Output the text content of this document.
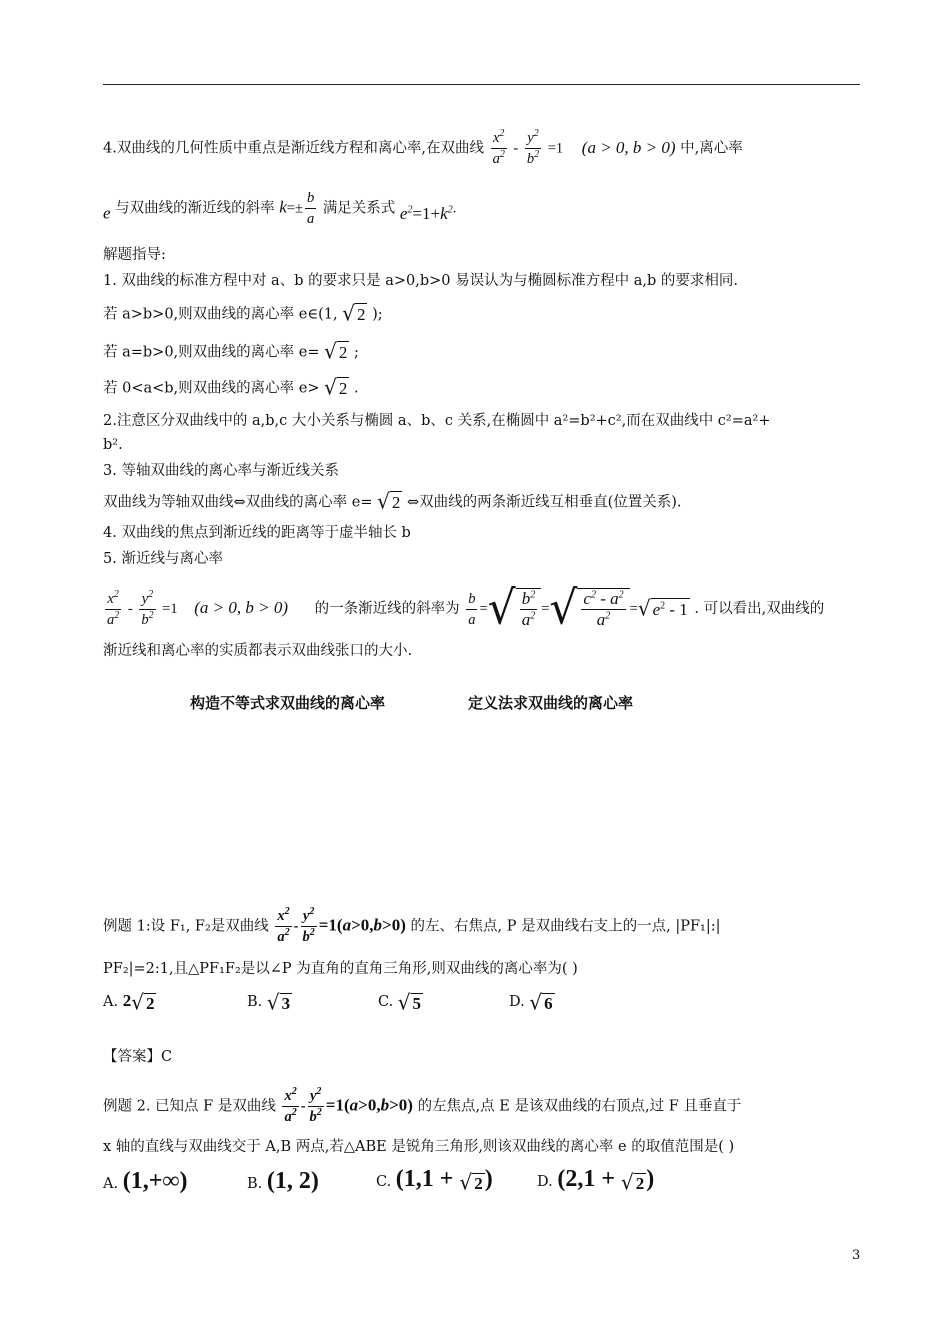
4.双曲线的几何性质中重点是渐近线方程和离心率,在双曲线 $\frac{x^2}{a^2} - \frac{y^2}{b^2} =1$ (a > 0, b > 0) 中,离心率
e 与双曲线的渐近线的斜率 $k=\pm \frac{b}{a}$ 满足关系式 $e^2=1+k^2$.
解题指导:
1. 双曲线的标准方程中对 a、b 的要求只是 a>0,b>0 易误认为与椭圆标准方程中 a,b 的要求相同.
若 a>b>0,则双曲线的离心率 e∈(1, √ 2 );
若 a=b>0,则双曲线的离心率 e= √ 2 ;
若 0<a<b,则双曲线的离心率 e> √ 2 .
2.注意区分双曲线中的 a,b,c 大小关系与椭圆 a、b、c 关系,在椭圆中 a²=b²+c²,而在双曲线中 c²=a²+
b².
3. 等轴双曲线的离心率与渐近线关系
双曲线为等轴双曲线⇔双曲线的离心率 e= √ 2 ⇔双曲线的两条渐近线互相垂直(位置关系).
4. 双曲线的焦点到渐近线的距离等于虚半轴长 b
5. 渐近线与离心率
$\frac{x^2}{a^2} - \frac{y^2}{b^2} =1$ (a > 0, b > 0) 的一条渐近线的斜率为 $\frac{b}{a}$ =√ $\frac{b^2}{a^2}$ =√ $\frac{c^2 - a^2}{a^2}$ =√ $e^2 - 1$ . 可以看出,双曲线的
渐近线和离心率的实质都表示双曲线张口的大小.
构造不等式求双曲线的离心率	定义法求双曲线的离心率
例题 1:设 F₁, F₂是双曲线 $\frac{x^2}{a^2} - \frac{y^2}{b^2} =1(a>0,b>0)$ 的左、右焦点, P 是双曲线右支上的一点, |PF₁|:|
PF₂|=2:1,且△PF₁F₂是以∠P 为直角的直角三角形,则双曲线的离心率为( )
A. 2√ 2	B. √ 3	C. √ 5	D. √ 6
【答案】C
例题 2. 已知点 F 是双曲线 $\frac{x^2}{a^2} - \frac{y^2}{b^2} =1(a>0,b>0)$ 的左焦点,点 E 是该双曲线的右顶点,过 F 且垂直于
x 轴的直线与双曲线交于 A,B 两点,若△ABE 是锐角三角形,则该双曲线的离心率 e 的取值范围是( )
A. (1,+∞)	B. (1, 2)	C. (1,1 + √ 2)	D. (2,1 + √ 2)
3
